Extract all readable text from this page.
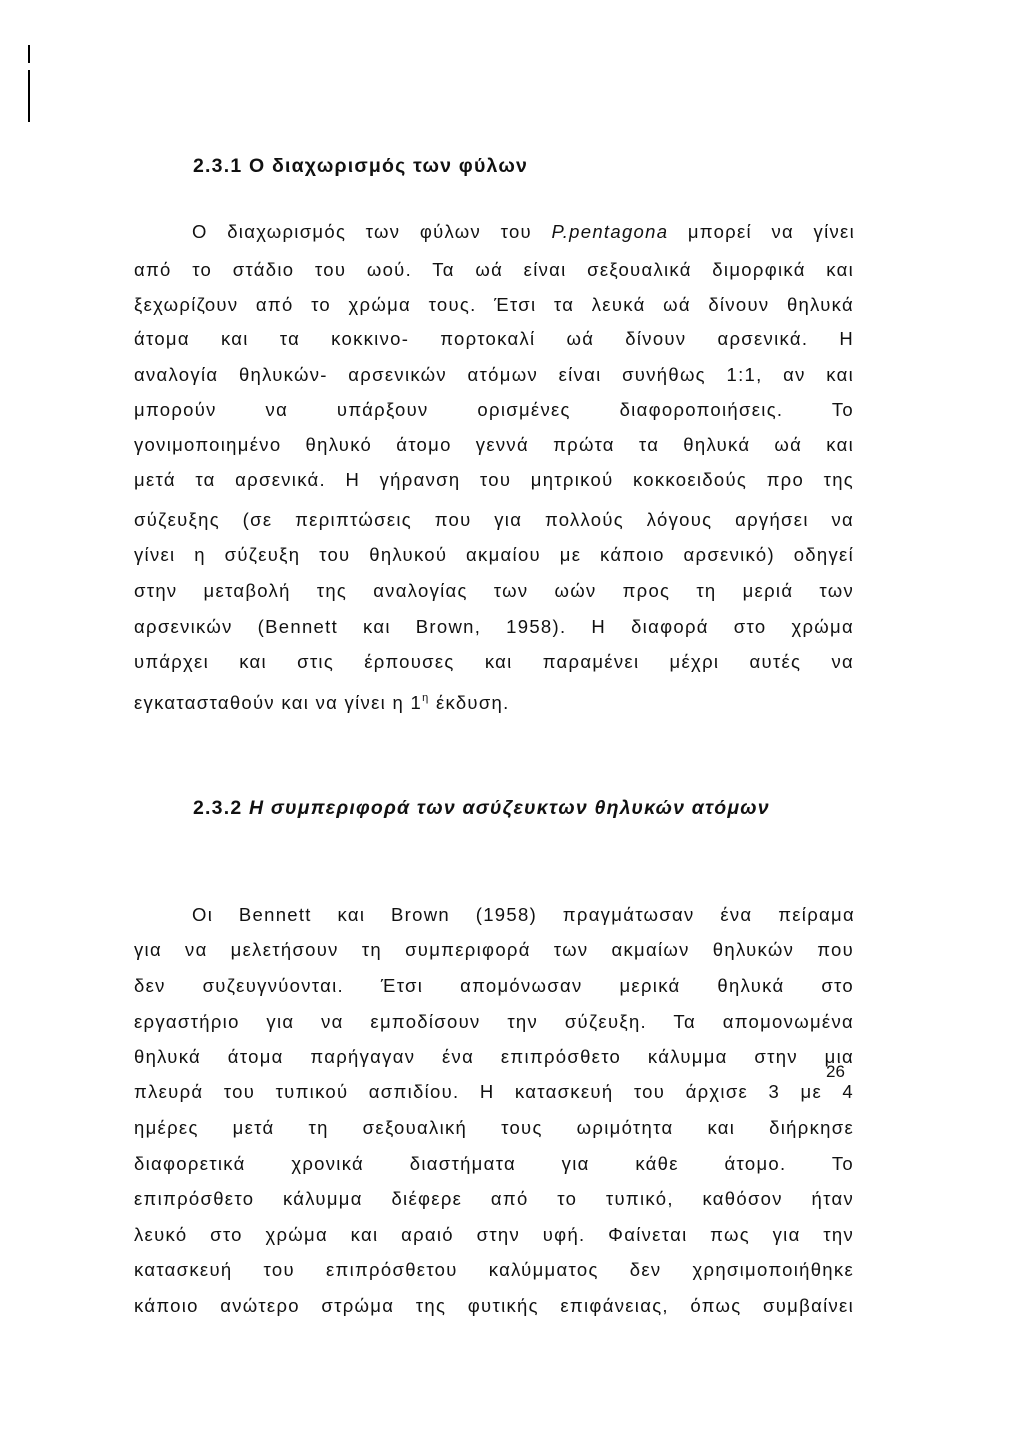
2.3.1 Ο διαχωρισμός των φύλων
Ο διαχωρισμός των φύλων του P.pentagona μπορεί να γίνει
από το στάδιο του ωού. Τα ωά είναι σεξουαλικά διμορφικά και
ξεχωρίζουν από το χρώμα τους. Έτσι τα λευκά ωά δίνουν θηλυκά
άτομα και τα κοκκινο- πορτοκαλί ωά δίνουν αρσενικά. Η
αναλογία θηλυκών- αρσενικών ατόμων είναι συνήθως 1:1, αν και
μπορούν να υπάρξουν ορισμένες διαφοροποιήσεις. Το
γονιμοποιημένο θηλυκό άτομο γεννά πρώτα τα θηλυκά ωά και
μετά τα αρσενικά. Η γήρανση του μητρικού κοκκοειδούς προ της
σύζευξης (σε περιπτώσεις που για πολλούς λόγους αργήσει να
γίνει η σύζευξη του θηλυκού ακμαίου με κάποιο αρσενικό) οδηγεί
στην μεταβολή της αναλογίας των ωών προς τη μεριά των
αρσενικών (Bennett και Brown, 1958). Η διαφορά στο χρώμα
υπάρχει και στις έρπουσες και παραμένει μέχρι αυτές να
εγκατασταθούν και να γίνει η $1^\eta$ έκδυση.
2.3.2 Η συμπεριφορά των ασύζευκτων θηλυκών ατόμων
Οι Bennett και Brown (1958) πραγμάτωσαν ένα πείραμα
για να μελετήσουν τη συμπεριφορά των ακμαίων θηλυκών που
δεν συζευγνύονται. Έτσι απομόνωσαν μερικά θηλυκά στο
εργαστήριο για να εμποδίσουν την σύζευξη. Τα απομονωμένα
θηλυκά άτομα παρήγαγαν ένα επιπρόσθετο κάλυμμα στην μια
πλευρά του τυπικού ασπιδίου. Η κατασκευή του άρχισε 3 με 4
ημέρες μετά τη σεξουαλική τους ωριμότητα και διήρκησε
διαφορετικά χρονικά διαστήματα για κάθε άτομο. Το
επιπρόσθετο κάλυμμα διέφερε από το τυπικό, καθόσον ήταν
λευκό στο χρώμα και αραιό στην υφή. Φαίνεται πως για την
κατασκευή του επιπρόσθετου καλύμματος δεν χρησιμοποιήθηκε
κάποιο ανώτερο στρώμα της φυτικής επιφάνειας, όπως συμβαίνει
26
